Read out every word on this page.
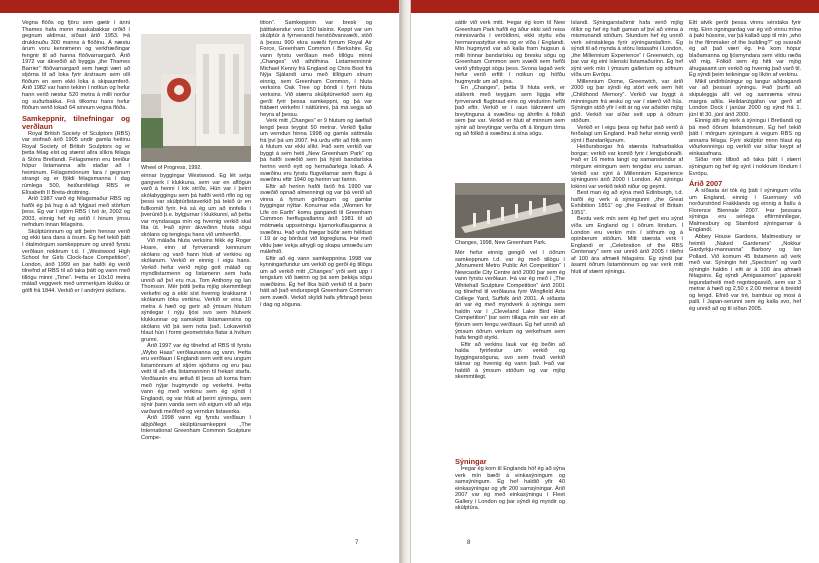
Vegna flóðs og fjöru sem gætir í ánni Thames hafa menn maskabakkar orðið í gegnum aldirnar, síðast árið 1953. Þá drukknuðu 300 manns á flóðinu. Á næstu árum voru kennimenn og verkfræðingar fengnir til að hanna flóðvarnargarð. Árið 1972 var ákveðið að byggja „the Thames Barrier“ flóðvarnargarð sem hægt væri að stjórna til að loka fyrir árstraum sem olli flóðum en sem ekki loka á skipaumferð. Árið 1982 var hann tekinn í notkun og hefur hann verið ræstur 520 metra á milli norður og suðurbakka. Frá tilkomu hans hefur flóðum verið lokað 64 sinnum vegna flóða.

Samkeppnir, tilnefningar og verðlaun

Royal British Society of Sculptors (RBS) var stofnað árið 1905 undir gamla heitinu Royal Society of British Sculptors og er þetta félag elst og stærst allra slíkra félaga á Stóra Bretlandi. Félagsmenn eru breiður hópur listamanna alls staðar að í heiminum. Félagsmönnum fara í gegnum strangt og er fjöldi félagsmanna í dag rúmlega 500, heiðursfélagi RBS er Elísabeth II Breta-drottning.

Árið 1987 varð ég félagsmaður RBS og hafði ég þá hug á að fylgjast með störfum þess. Ég var í stjórn RBS í tvö ár, 2002 og 2003, einnig hef ég setið í hinum ýmsu nefndum innan félagsins.

Skúlptúrinnum og sitt þeim hennar verið og ekki tara dans á ösum. Ég hef tekið þátt í ótalmörgum samkeppnum og unnið fyrstu verðlaun nokkrum t.d. í „Westwood High School for Girls Clock-face Competition“, London, árið 1999 en þar hafði ég verið tilnefnd af RBS til að taka þátt og vann með tillögu minni „Time“. Þetta er 10x10 metra málað veggverk með ummerkjum klukku úr gólfi frá 1844. Verkið er í andrými skólans.

Wheel of Progress, 1992.

einnar byggingar Westwood. Ég lét setja gangverk í klukkuna, sem var en aflögun varð á henni í lok stríðs. Hún var í þeirri skólabyggingu sem þá hafði verið rifin og og þessi var skúlptúrlistaverkið þá tekið úr en fullkomið fyrir. Þá sá ég um að innfella í þverúnið þ.e. bylgjurnar í klukkunni, að þetta var myndasaga mín og hvernig verkið skal líta út. Það sýnir ákveðinn hluta sögu skólans og tengingu hans við umhverfið.

Við málaða hluta verksins fékk ég Roger Hoare, einn af fyrrverandi kennurum skólans og varð hann hluti af verkinu og skólanum. Verkið er einnig í eigu hans. Verkið hefur verið mjög gott málað og myndlistarmenn og listamenn sem hafa unnið að því eru m.a. Tom Anthony og Ian Thomson. Mér þótti þetta mjög skemmtilegt verkefni og á ekki síst hvernig krakkarnir í skólanum tóku verkinu. Verkið er eina 10 metra á hæð og gerir að ýmsum hlutum sýnilegar í nýju ljósi svo sem hlutverk klukkunnar og samskipti listamannsins og skólans við þá sem nota það. Lokaverkið hlaut hún í formi geometrísks flatar á hvítum grunni.

Árið 1997 var ég tilnefnd af RBS til fyrstu „Wybo Haas“ verðlaunanna og vann. Þetta eru verðlaun í Englandi sem veitt eru ungum listamönnum af stjórn sjóðsins og eru þau veitt til að efla listamanninn til frekari starfa. Verðlaunin eru ætluð til þess að koma fram með nýjar hugmyndir og verkefni. Þetta vann ég með verkinu sem ég sýndi í Englandi, og var hluti af þeirri sýningu, sem sýnir þann vanda sem við eigum við að etja varðandi meðferð og verndun listaverka.

Árið 1998 vann ég fyrstu verðlaun í alþjóðlegri skúlptúrsamkeppni „The International Greenham Common Sculpture Compe-

tition“. Samkeppnin var bresk og þátttakendur voru 150 talsins. Keppt var um skúlptúr á fyrrverandi herstöðvarsvæði, stóð á þessu 900 ekra svæði fyrrum Royal Air Force, Greenham Common í Berkshire. Ég vann fyrstu verðlaun með tillögu minni „Changes“ við athöfnina. Listamenninnir Michael Kenny frá England og Chris Boot frá Nýja Sjálandi urnu með tillögum sínum einnig, sem Greenham Common, í hluta verksins Oak Tree og bóndi í fyrri hluta verksins. Við stærra skúlptúrverkið sem ég gerði fyrir þessa samkeppni, og þá var frábært verkefni í náttúrinni, þá má segja að heyra af þessu.

Verk mitt „Changes“ er 9 hlutum og áætlað lengd þess teygist 50 metrar. Verkið fjallar um verndun hinna 1998 og gamla sáttmála frá því þá um 2007. Þá urðu eftir að fólk sem á hlutum var ekki slíkt. Það sem verkið var byggt á sem heiti „New Greenham Park“ og þá hafði svæðið sem þá hýsti bandaríska herinn verið eytt og hernaðarlega lokað. Á svæðinu eru fyrstu flugvélarnar sem flugu á svæðinu eftir 1940 og herinn var farinn.

Eftir að herinn hafði farið frá 1990 var svæðið opnað almenningi og var þá verið að vinna á fyrrum girðingum og gamlar byggingar nýttar. Konurnar eða „Women for Life on Earth“ komu gangandi til Greenham Common herflugvallarins árið 1981 til að mótmæla uppsetningu kjarnorkuflauganna á svæðinu. Það urðu frægar búðir sem héldust í 19 ár og börðust við lögregluna. Þar með vildu þær vekja athygli og skapa umræðu um málefnið.

Eftir að ég vann samkeppnina 1998 var kynningarfundur um verkið og gerði ég tillögu um að verkið mitt „Changes“ yrði sett upp í tengslum við bæinn og þá sem þekkja sögu svæðisins. Ég hef líka búið verkið til á þann hátt að það endurspegli Greenham Common sem svæði. Verkið skyldi hafa yfirbragð þess í dag og söguna.

7

sáttir við verk mitt. Þegar ég kom til New Greenham Park hafði ég áður ekki séð reisa minnisvarða í veröldinni, ekki styttu eða hermannastyttur eins og er víða í Englandi. Mín hugmynd var að kalla fram hugsun á milli hinnar bandarísku og bresku sögu og Greenham Common sem svæði sem hefði verið yfirbyggt sögu þess. Svona lagað verk hefur verið erfitt í notkun og höfðu hugmyndir um að sýna.

En „Changes“, þetta 9 hluta verk, er stálverk með teygjum sem liggja eftir fyrrverandi flugbraut eins og vindurinn hefði það eftir. Verkið er í raun táknrænt um breytinguna á svæðinu og áhrifin á fólkið sem þar var. Verkið er hluti af minnum sem sýnir að breytingar verða oft á löngum tíma og að fólkið á svæðinu á sína sögu.

Changes, 1998, New Greenham Park.

Mér hefur einnig gengið vel í öðrum samkeppnum t.d. var ég með tillögu í „Monument Metro Public Art Competition“ í Newcastle City Centre árið 2000 þar sem ég vann fyrstu verðlaun. Þá var ég með í „The Whitehall Sculpture Competition“ árið 2001 og tilnefnd til verðlauna fyrir Wingfield Arts College Yard, Suffolk árið 2001. Á síðasta ári var ég með myndverk á sýningu sem haldin var í „Cleveland Lake Bird Hide Competition“ þar sem tillaga mín var ein af fjórum sem fengu verðlaun. Ég hef unnið að ýmsum öðrum verkum og verkefnum sem hafa fengið styrki.

Eftir að verkinu lauk var ég beðin að halda fyrirlestur um verkið og byggingarsöguna, svo sem hvað verkið táknar og hvernig ég vann það. Það var haldið á ýmsum stöðum og var mjög skemmtilegt.

Sýningar

Þegar ég kom til Englands hóf ég að sýna verk mín bæði á einkasýningum og samsýningum. Ég hef haldið yfir 40 einkasýningar og yfir 200 samsýningar. Árið 2007 var ég með einkasýningu í Fleet Gallery í London og þar sýndi ég myndir og skúlptúra.

Íslandi. Sýningarstaðirnir hafa verið mjög ólíkir og hef ég haft gaman af því að vinna á mismunandi stöðum. Stundum hef ég unnið verk sérstaklega fyrir sýningarstaðinn. Ég sýndi til að mynda á stóru listasafni í London, „the Millennium Experience“ í Greenwich, og þar var ég eini íslenski listamaðurinn. Ég hef sýnt verk mín í ýmsum galleríum og söfnum víða um Evrópu.

Millennium Dome, Greenwich, var árið 2000 og þar sýndi ég stórt verk sem hét „Childhood Memory“. Verkið var byggt á minningum frá æsku og var í stærð við hús. Sýningin stóð yfir í eitt ár og var aðsókn mjög góð. Verkið var síðar sett upp á öðrum stöðum.

Verkið er í eigu þess og hefur það verið á ferðalagi um England. Það hefur einnig verið sýnt í Bandaríkjunum.

Heiðursborgar frá stærsta hafnarbakka borgar; verkið var komið fyrir í lengjubúnaði. Það er 16 metra langt og samanstendur af mörgum einingum sem tengdar eru saman. Verkið var sýnt á Millennium Experience sýningunni árið 2000 í London. Að sýningu lokinni var verkið tekið niður og geymt.

Best man ég að sýna með Edinburgh, t.d. hafði ég verk á sýningunni „the Great Exhibition 1851“ og „the Festival of Britain 1951“.

Bestu verk mín sem ég hef gert eru sýnd víða um England og í öðrum löndum. Í London eru verkin mín í söfnum og á opinberum stöðum. Mitt stærsta verk í Englandi er „Celebration of the RBS Centenary“ sem var unnið árið 2005 í tilefni af 100 ára afmæli félagsins. Ég sýndi þar ásamt öðrum listamönnum og var verk mitt hluti af stærri sýningu.

Eitt atvik gerði þessa vinnu sérstaka fyrir mig. Einn rigningardag var ég við vinnu mína á þaki hússins, var þá kallað upp til mín „who is the filmmaker of the building?“ og svaraði ég að það væri ég. Þá kom hópur blaðamanna og ljósmyndara sem vildu ræða við mig. Fólkið sem ég hitti var mjög áhugasamt um verkið og hvernig það varð til. Ég sýndi þeim teikningar og líkön af verkinu.

Mikil undirbúningur og langur aðdragandi var að þessari sýningu. Það þurfti að skipuleggja allt vel og samræma vinnu margra aðila. Heildarútgáfan var gerð af London Dock í janúar 2000 og sýnd frá 1. júní til 30. júní árið 2000.

Einnig átti ég verk á sýningu í Bretlandi og þá með öðrum listamönnum. Ég hef tekið þátt í mörgum sýningum á vegum RBS og annarra félaga. Fyrir skúlptúr minn hlaut ég viðurkenningu og verkið var síðar keypt af einkasafnara.

Síðar mér tilboð að taka þátt í stærri sýningum og hef ég sýnt í nokkrum löndum í Evrópu.

Árið 2007

Á síðasta ári tók ég þátt í sýningum víða um England, einnig í Guernsey við norðurströnd Frakklands og einnig á Ítalíu á Florence Biennale 2007. Þar þessara sýninga eru sérlega eftirminnilegar, Malmesbury og Stamford sýningarnar á Englandi.

Abbey House Gardens, Malmesbury er heimili „Naked Gardeners“ „Nokkur Gardyrkju-mannanna“ Barbory og Ian Pollard. Við komum 45 listamenn að verk með var. Sýningin hét „Spectrum“ og varð sýningin haldin í eitt ár á 100 ára afmæli félagsins. Ég sýndi „Amigasamon“ japanskt tegundarheiti með regnbogasvið, sem var 3 metrar á hæð og 2,50 x 2,00 metrar á breidd og lengd. Efnið var tré, bambus og mosi á palli. Í Japan-serunni sem ég kalla svo, hef ég unnið að og til síðan 2005.

8
